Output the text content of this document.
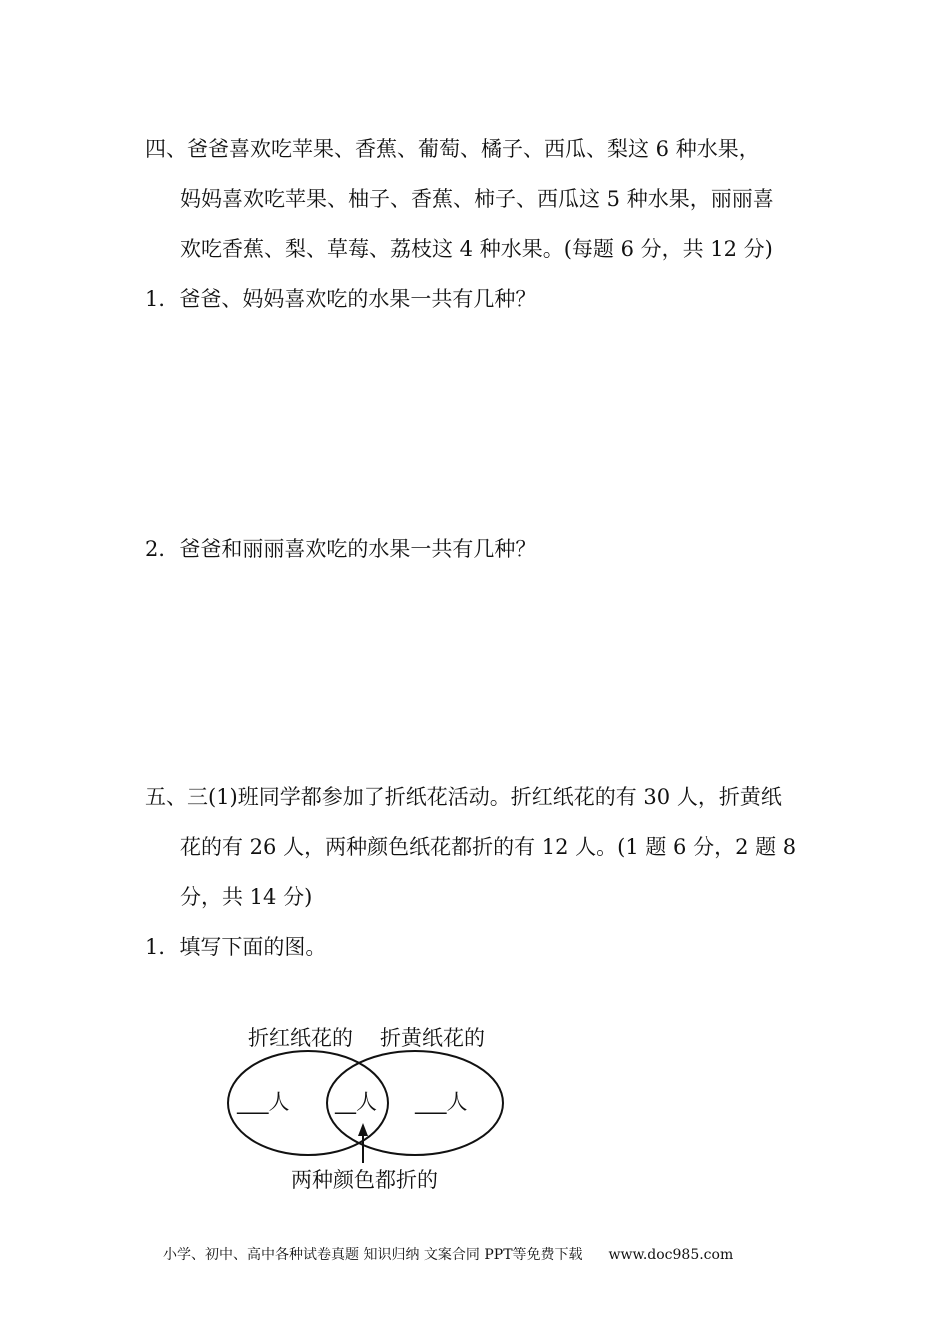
四、爸爸喜欢吃苹果、香蕉、葡萄、橘子、西瓜、梨这 6 种水果，
妈妈喜欢吃苹果、柚子、香蕉、柿子、西瓜这 5 种水果，丽丽喜
欢吃香蕉、梨、草莓、荔枝这 4 种水果。(每题 6 分，共 12 分)
1．爸爸、妈妈喜欢吃的水果一共有几种？
2．爸爸和丽丽喜欢吃的水果一共有几种？
五、三(1)班同学都参加了折纸花活动。折红纸花的有 30 人，折黄纸
花的有 26 人，两种颜色纸花都折的有 12 人。(1 题 6 分，2 题 8
分，共 14 分)
1．填写下面的图。
折红纸花的 折黄纸花的
___人 __人 ___人
两种颜色都折的
小学、初中、高中各种试卷真题 知识归纳 文案合同 PPT等免费下载 www.doc985.com
